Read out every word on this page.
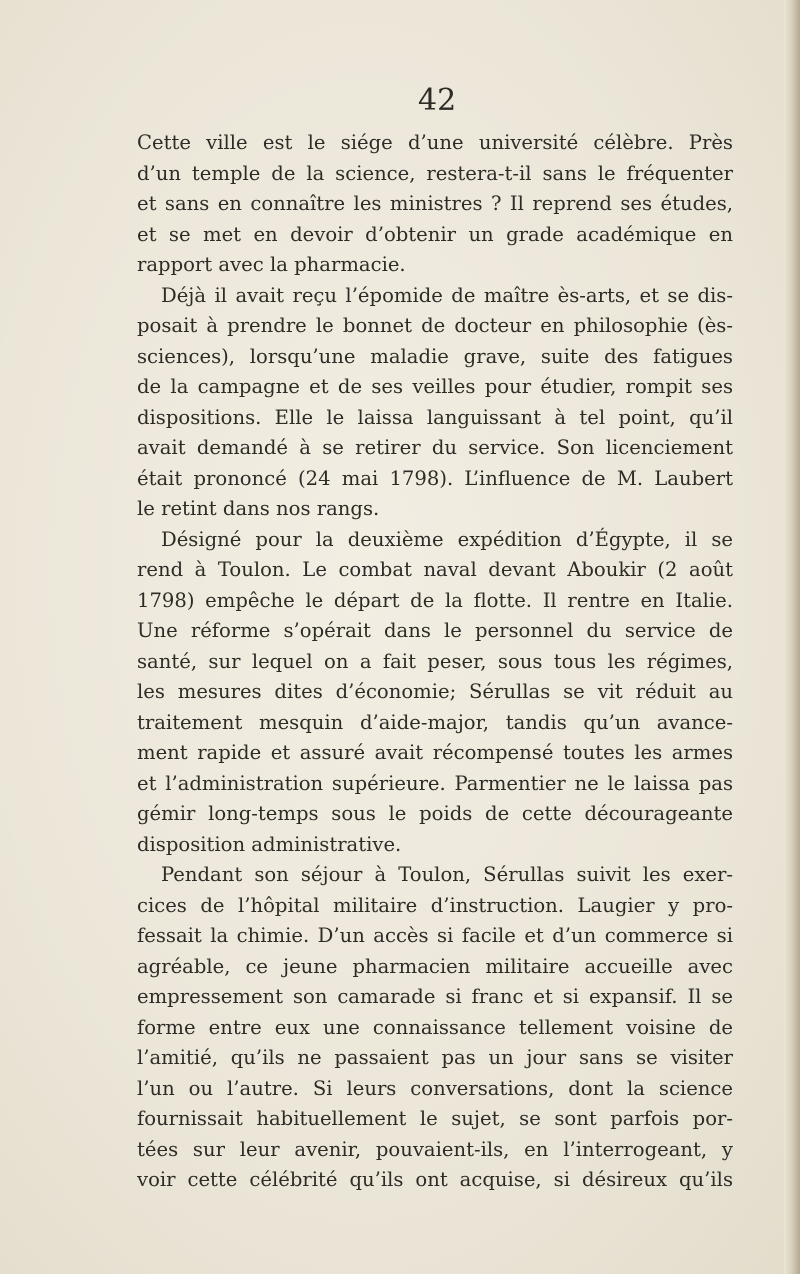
42
Cette ville est le siége d’une université célèbre. Près
d’un temple de la science, restera-t-il sans le fréquenter
et sans en connaître les ministres ? Il reprend ses études,
et se met en devoir d’obtenir un grade académique en
rapport avec la pharmacie.
Déjà il avait reçu l’épomide de maître ès-arts, et se dis-
posait à prendre le bonnet de docteur en philosophie (ès-
sciences), lorsqu’une maladie grave, suite des fatigues
de la campagne et de ses veilles pour étudier, rompit ses
dispositions. Elle le laissa languissant à tel point, qu’il
avait demandé à se retirer du service. Son licenciement
était prononcé (24 mai 1798). L’influence de M. Laubert
le retint dans nos rangs.
Désigné pour la deuxième expédition d’Égypte, il se
rend à Toulon. Le combat naval devant Aboukir (2 août
1798) empêche le départ de la flotte. Il rentre en Italie.
Une réforme s’opérait dans le personnel du service de
santé, sur lequel on a fait peser, sous tous les régimes,
les mesures dites d’économie; Sérullas se vit réduit au
traitement mesquin d’aide-major, tandis qu’un avance-
ment rapide et assuré avait récompensé toutes les armes
et l’administration supérieure. Parmentier ne le laissa pas
gémir long-temps sous le poids de cette décourageante
disposition administrative.
Pendant son séjour à Toulon, Sérullas suivit les exer-
cices de l’hôpital militaire d’instruction. Laugier y pro-
fessait la chimie. D’un accès si facile et d’un commerce si
agréable, ce jeune pharmacien militaire accueille avec
empressement son camarade si franc et si expansif. Il se
forme entre eux une connaissance tellement voisine de
l’amitié, qu’ils ne passaient pas un jour sans se visiter
l’un ou l’autre. Si leurs conversations, dont la science
fournissait habituellement le sujet, se sont parfois por-
tées sur leur avenir, pouvaient-ils, en l’interrogeant, y
voir cette célébrité qu’ils ont acquise, si désireux qu’ils
